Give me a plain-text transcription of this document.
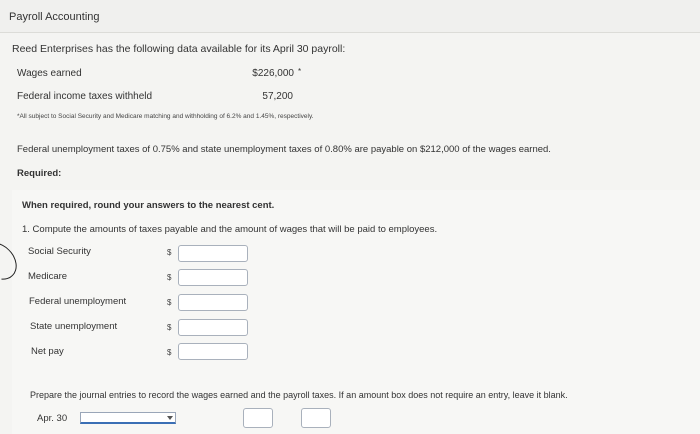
Payroll Accounting
Reed Enterprises has the following data available for its April 30 payroll:
Wages earned	$226,000 *
Federal income taxes withheld	57,200
*All subject to Social Security and Medicare matching and withholding of 6.2% and 1.45%, respectively.
Federal unemployment taxes of 0.75% and state unemployment taxes of 0.80% are payable on $212,000 of the wages earned.
Required:
When required, round your answers to the nearest cent.
1. Compute the amounts of taxes payable and the amount of wages that will be paid to employees.
Social Security	$
Medicare	$
Federal unemployment	$
State unemployment	$
Net pay	$
Prepare the journal entries to record the wages earned and the payroll taxes. If an amount box does not require an entry, leave it blank.
Apr. 30
